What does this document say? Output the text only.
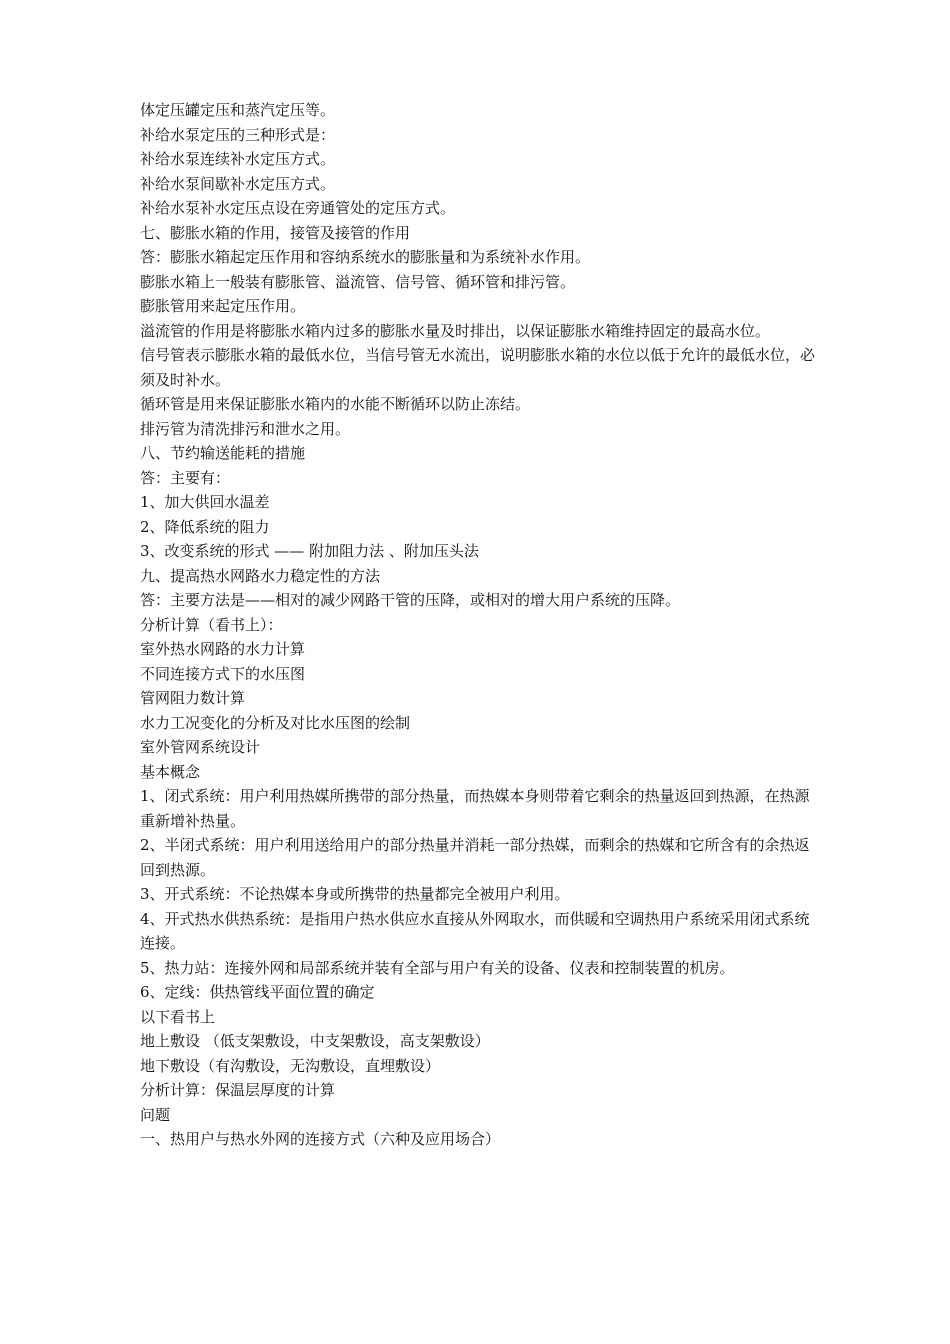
体定压罐定压和蒸汽定压等。
补给水泵定压的三种形式是：
补给水泵连续补水定压方式。
补给水泵间歇补水定压方式。
补给水泵补水定压点设在旁通管处的定压方式。
七、膨胀水箱的作用，接管及接管的作用
答：膨胀水箱起定压作用和容纳系统水的膨胀量和为系统补水作用。
膨胀水箱上一般装有膨胀管、溢流管、信号管、循环管和排污管。
膨胀管用来起定压作用。
溢流管的作用是将膨胀水箱内过多的膨胀水量及时排出，以保证膨胀水箱维持固定的最高水位。
信号管表示膨胀水箱的最低水位，当信号管无水流出，说明膨胀水箱的水位以低于允许的最低水位，必须及时补水。
循环管是用来保证膨胀水箱内的水能不断循环以防止冻结。
排污管为清洗排污和泄水之用。
八、节约输送能耗的措施
答：主要有：
1、加大供回水温差
2、降低系统的阻力
3、改变系统的形式 —— 附加阻力法 、附加压头法
九、提高热水网路水力稳定性的方法
答：主要方法是——相对的减少网路干管的压降，或相对的增大用户系统的压降。
分析计算（看书上）：
室外热水网路的水力计算
不同连接方式下的水压图
管网阻力数计算
水力工况变化的分析及对比水压图的绘制
室外管网系统设计
基本概念
1、闭式系统：用户利用热媒所携带的部分热量，而热媒本身则带着它剩余的热量返回到热源，在热源重新增补热量。
2、半闭式系统：用户利用送给用户的部分热量并消耗一部分热媒，而剩余的热媒和它所含有的余热返回到热源。
3、开式系统：不论热媒本身或所携带的热量都完全被用户利用。
4、开式热水供热系统：是指用户热水供应水直接从外网取水，而供暖和空调热用户系统采用闭式系统连接。
5、热力站：连接外网和局部系统并装有全部与用户有关的设备、仪表和控制装置的机房。
6、定线：供热管线平面位置的确定
以下看书上
地上敷设 （低支架敷设，中支架敷设，高支架敷设）
地下敷设（有沟敷设，无沟敷设，直埋敷设）
分析计算：保温层厚度的计算
问题
一、热用户与热水外网的连接方式（六种及应用场合）
